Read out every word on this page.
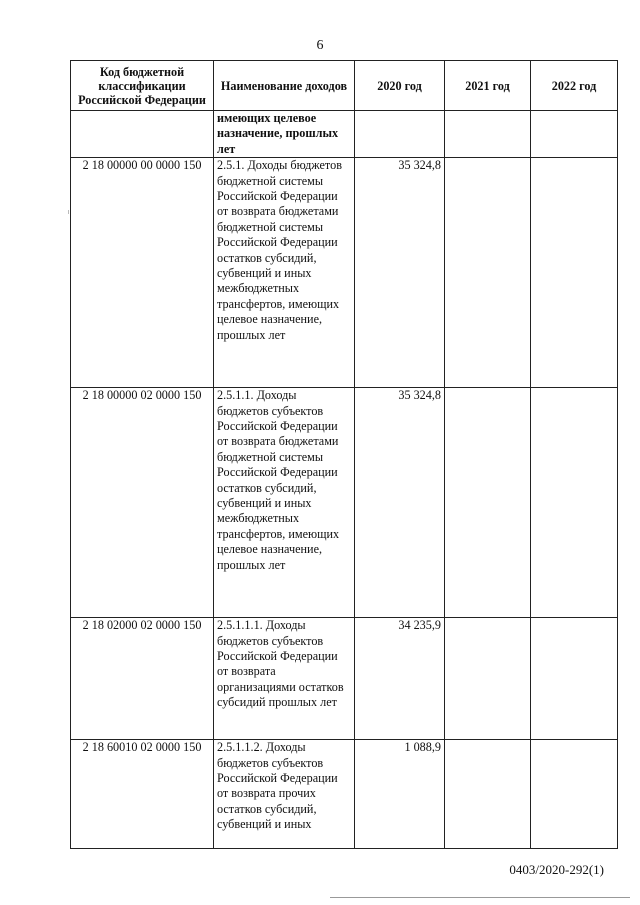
6
Код бюджетной классификации Российской Федерации	Наименование доходов	2020 год	2021 год	2022 год
	имеющих целевое назначение, прошлых лет			
2 18 00000 00 0000 150	2.5.1. Доходы бюджетов бюджетной системы Российской Федерации от возврата бюджетами бюджетной системы Российской Федерации остатков субсидий, субвенций и иных межбюджетных трансфертов, имеющих целевое назначение, прошлых лет	35 324,8		
2 18 00000 02 0000 150	2.5.1.1. Доходы бюджетов субъектов Российской Федерации от возврата бюджетами бюджетной системы Российской Федерации остатков субсидий, субвенций и иных межбюджетных трансфертов, имеющих целевое назначение, прошлых лет	35 324,8		
2 18 02000 02 0000 150	2.5.1.1.1. Доходы бюджетов субъектов Российской Федерации от возврата организациями остатков субсидий прошлых лет	34 235,9		
2 18 60010 02 0000 150	2.5.1.1.2. Доходы бюджетов субъектов Российской Федерации от возврата прочих остатков субсидий, субвенций и иных	1 088,9		
0403/2020-292(1)
